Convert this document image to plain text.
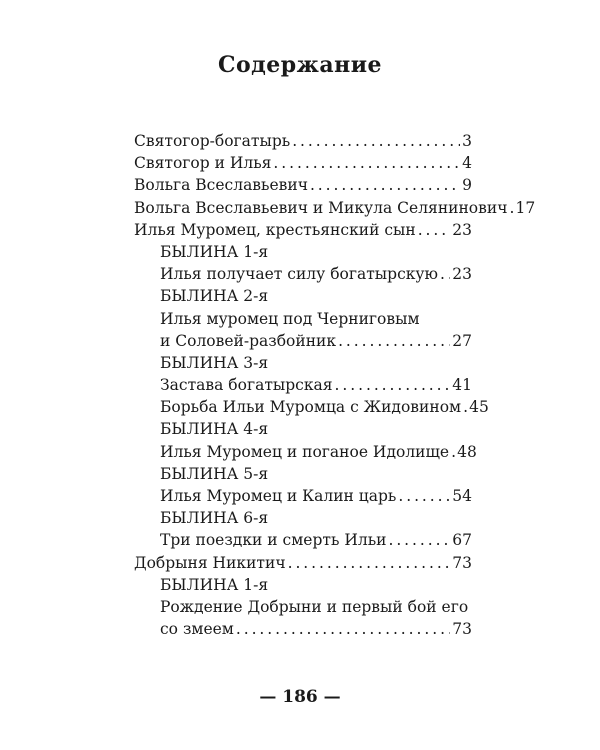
Содержание
Святогор-богатырь . . .	3
Святогор и Илья . . .	4
Вольга Всеславьевич . . .	9
Вольга Всеславьевич и Микула Селянинович . . . 17
Илья Муромец, крестьянский сын . . . 23
БЫЛИНА 1-я
Илья получает силу богатырскую . . . 23
БЫЛИНА 2-я
Илья муромец под Черниговым
и Соловей-разбойник . . .	27
БЫЛИНА 3-я
Застава богатырская . . .	41
Борьба Ильи Муромца с Жидовином . . . 45
БЫЛИНА 4-я
Илья Муромец и поганое Идолище . . . 48
БЫЛИНА 5-я
Илья Муромец и Калин царь . . .	54
БЫЛИНА 6-я
Три поездки и смерть Ильи . . .	67
Добрыня Никитич . . .	73
БЫЛИНА 1-я
Рождение Добрыни и первый бой его
со змеем . . .	73
— 186 —
